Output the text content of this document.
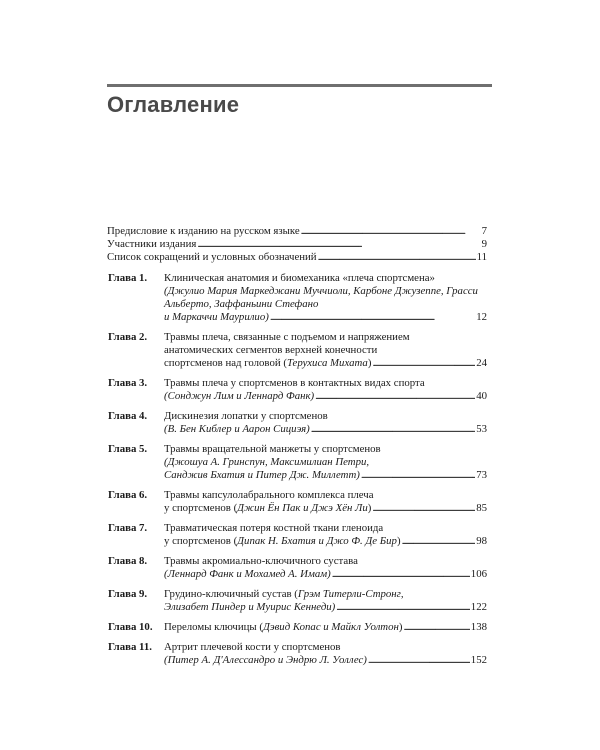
Оглавление
Предисловие к изданию на русском языке . . .	7
Участники издания . . .	9
Список сокращений и условных обозначений . . .	11
Глава 1.	Клиническая анатомия и биомеханика «плеча спортсмена»
(Джулио Мария Маркеджани Муччиоли, Карбоне Джузеппе, Грасси
Альберто, Заффаньини Стефано
и Маркаччи Маурилио) . . .	12
Глава 2.	Травмы плеча, связанные с подъемом и напряжением
анатомических сегментов верхней конечности
спортсменов над головой ( Терухиса Михата ) . . .	24
Глава 3.	Травмы плеча у спортсменов в контактных видах спорта
(Сонджун Лим и Леннард Фанк) . . .	40
Глава 4.	Дискинезия лопатки у спортсменов
(В. Бен Киблер и Аарон Сициэя) . . .	53
Глава 5.	Травмы вращательной манжеты у спортсменов
(Джошуа А. Гринспун, Максимилиан Петри,
Санджив Бхатия и Питер Дж. Миллетт) . . .	73
Глава 6.	Травмы капсулолабрального комплекса плеча
у спортсменов ( Джин Ён Пак и Джэ Хён Ли ) . . .	85
Глава 7.	Травматическая потеря костной ткани гленоида
у спортсменов ( Дипак Н. Бхатия и Джо Ф. Де Бир ) . . .	98
Глава 8.	Травмы акромиально-ключичного сустава
(Леннард Фанк и Мохамед А. Имам) . . .	106
Глава 9.	Грудино-ключичный сустав (Грэм Титерли-Стронг,
Элизабет Пиндер и Муирис Кеннеди) . . .	122
Глава 10.	Переломы ключицы ( Дэвид Копас и Майкл Уолтон ) . . .	138
Глава 11.	Артрит плечевой кости у спортсменов
(Питер А. Д'Алессандро и Эндрю Л. Уоллес) . . .	152
